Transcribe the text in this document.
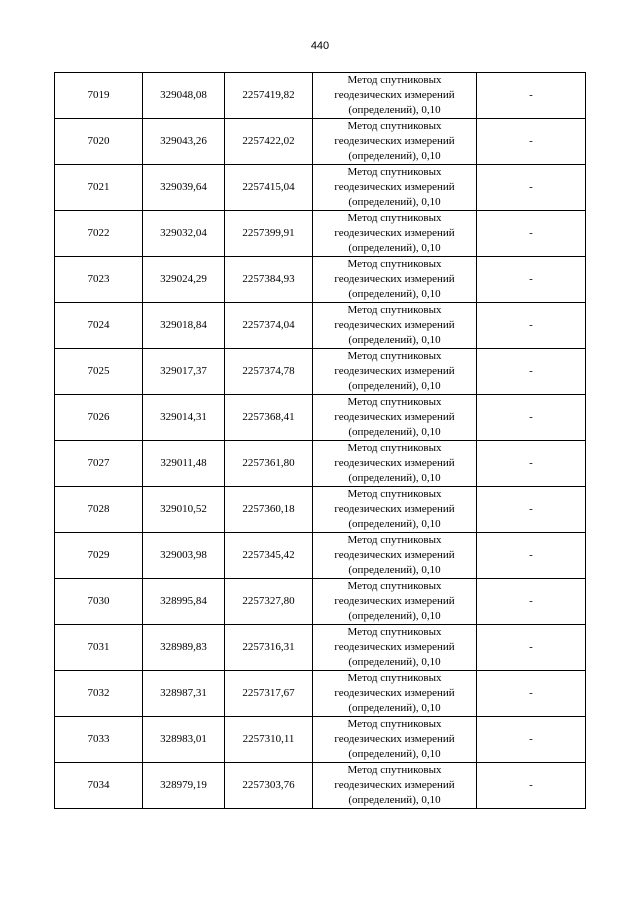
440
7019	329048,08	2257419,82	Метод спутниковых
геодезических измерений
(определений), 0,10	-
7020	329043,26	2257422,02	Метод спутниковых
геодезических измерений
(определений), 0,10	-
7021	329039,64	2257415,04	Метод спутниковых
геодезических измерений
(определений), 0,10	-
7022	329032,04	2257399,91	Метод спутниковых
геодезических измерений
(определений), 0,10	-
7023	329024,29	2257384,93	Метод спутниковых
геодезических измерений
(определений), 0,10	-
7024	329018,84	2257374,04	Метод спутниковых
геодезических измерений
(определений), 0,10	-
7025	329017,37	2257374,78	Метод спутниковых
геодезических измерений
(определений), 0,10	-
7026	329014,31	2257368,41	Метод спутниковых
геодезических измерений
(определений), 0,10	-
7027	329011,48	2257361,80	Метод спутниковых
геодезических измерений
(определений), 0,10	-
7028	329010,52	2257360,18	Метод спутниковых
геодезических измерений
(определений), 0,10	-
7029	329003,98	2257345,42	Метод спутниковых
геодезических измерений
(определений), 0,10	-
7030	328995,84	2257327,80	Метод спутниковых
геодезических измерений
(определений), 0,10	-
7031	328989,83	2257316,31	Метод спутниковых
геодезических измерений
(определений), 0,10	-
7032	328987,31	2257317,67	Метод спутниковых
геодезических измерений
(определений), 0,10	-
7033	328983,01	2257310,11	Метод спутниковых
геодезических измерений
(определений), 0,10	-
7034	328979,19	2257303,76	Метод спутниковых
геодезических измерений
(определений), 0,10	-
